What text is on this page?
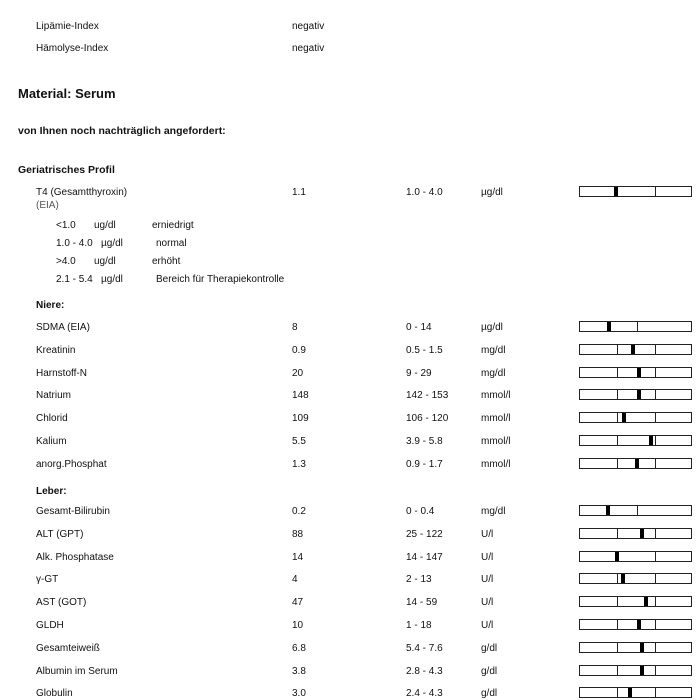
Lipämie-Index	negativ
Hämolyse-Index	negativ
Material: Serum
von Ihnen noch nachträglich angefordert:
Geriatrisches Profil
T4 (Gesamtthyroxin)
(EIA)
1.1	1.0 - 4.0	µg/dl
<1.0 ug/dl	erniedrigt
1.0 - 4.0 µg/dl	normal
>4.0 ug/dl	erhöht
2.1 - 5.4 µg/dl	Bereich für Therapiekontrolle
Niere:
SDMA (EIA)	8	0 - 14	µg/dl
Kreatinin	0.9	0.5 - 1.5	mg/dl
Harnstoff-N	20	9 - 29	mg/dl
Natrium	148	142 - 153	mmol/l
Chlorid	109	106 - 120	mmol/l
Kalium	5.5	3.9 - 5.8	mmol/l
anorg.Phosphat	1.3	0.9 - 1.7	mmol/l
Leber:
Gesamt-Bilirubin	0.2	0 - 0.4	mg/dl
ALT (GPT)	88	25 - 122	U/l
Alk. Phosphatase	14	14 - 147	U/l
γ-GT	4	2 - 13	U/l
AST (GOT)	47	14 - 59	U/l
GLDH	10	1 - 18	U/l
Gesamteiweiß	6.8	5.4 - 7.6	g/dl
Albumin im Serum	3.8	2.8 - 4.3	g/dl
Globulin	3.0	2.4 - 4.3	g/dl
